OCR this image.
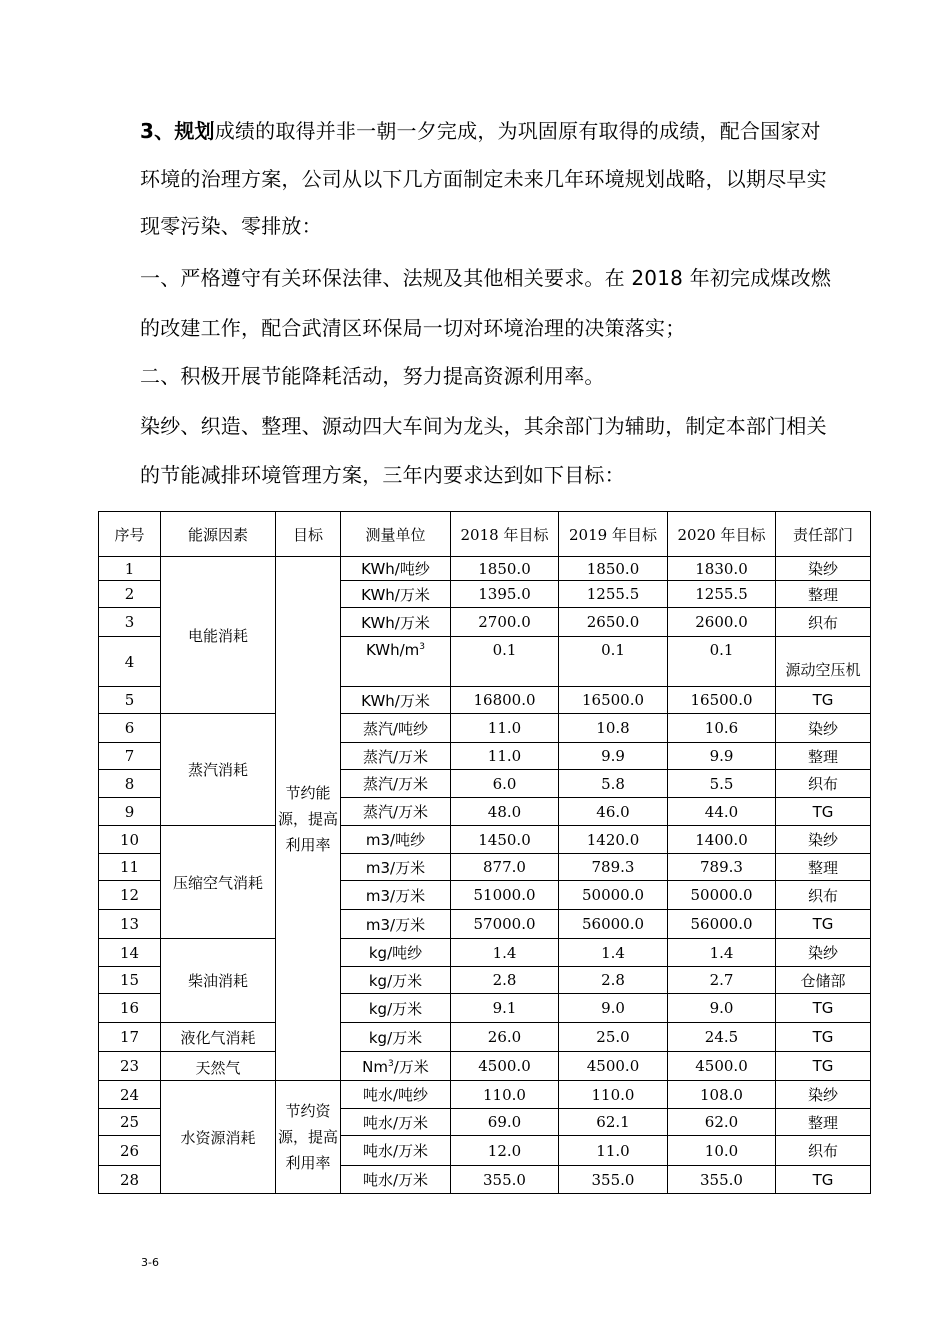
3、规划成绩的取得并非一朝一夕完成，为巩固原有取得的成绩，配合国家对
环境的治理方案，公司从以下几方面制定未来几年环境规划战略，以期尽早实
现零污染、零排放：
一、严格遵守有关环保法律、法规及其他相关要求。在 2018 年初完成煤改燃
的改建工作，配合武清区环保局一切对环境治理的决策落实；
二、积极开展节能降耗活动，努力提高资源利用率。
染纱、织造、整理、源动四大车间为龙头，其余部门为辅助，制定本部门相关
的节能减排环境管理方案，三年内要求达到如下目标：
序号	能源因素	目标	测量单位	2018 年目标	2019 年目标	2020 年目标	责任部门
1	电能消耗	节约能源，提高利用率	KWh/吨纱	1850.0	1850.0	1830.0	染纱
2			KWh/万米	1395.0	1255.5	1255.5	整理
3			KWh/万米	2700.0	2650.0	2600.0	织布
4			KWh/$m^3$	0.1	0.1	0.1	源动空压机
5			KWh/万米	16800.0	16500.0	16500.0	TG
6	蒸汽消耗		蒸汽/吨纱	11.0	10.8	10.6	染纱
7			蒸汽/万米	11.0	9.9	9.9	整理
8			蒸汽/万米	6.0	5.8	5.5	织布
9			蒸汽/万米	48.0	46.0	44.0	TG
10	压缩空气消耗		m3/吨纱	1450.0	1420.0	1400.0	染纱
11			m3/万米	877.0	789.3	789.3	整理
12			m3/万米	51000.0	50000.0	50000.0	织布
13			m3/万米	57000.0	56000.0	56000.0	TG
14	柴油消耗		kg/吨纱	1.4	1.4	1.4	染纱
15			kg/万米	2.8	2.8	2.7	仓储部
16			kg/万米	9.1	9.0	9.0	TG
17	液化气消耗		kg/万米	26.0	25.0	24.5	TG
23	天然气		Nm$^3$/万米	4500.0	4500.0	4500.0	TG
24	水资源消耗	节约资源，提高利用率	吨水/吨纱	110.0	110.0	108.0	染纱
25			吨水/万米	69.0	62.1	62.0	整理
26			吨水/万米	12.0	11.0	10.0	织布
28			吨水/万米	355.0	355.0	355.0	TG
3-6
